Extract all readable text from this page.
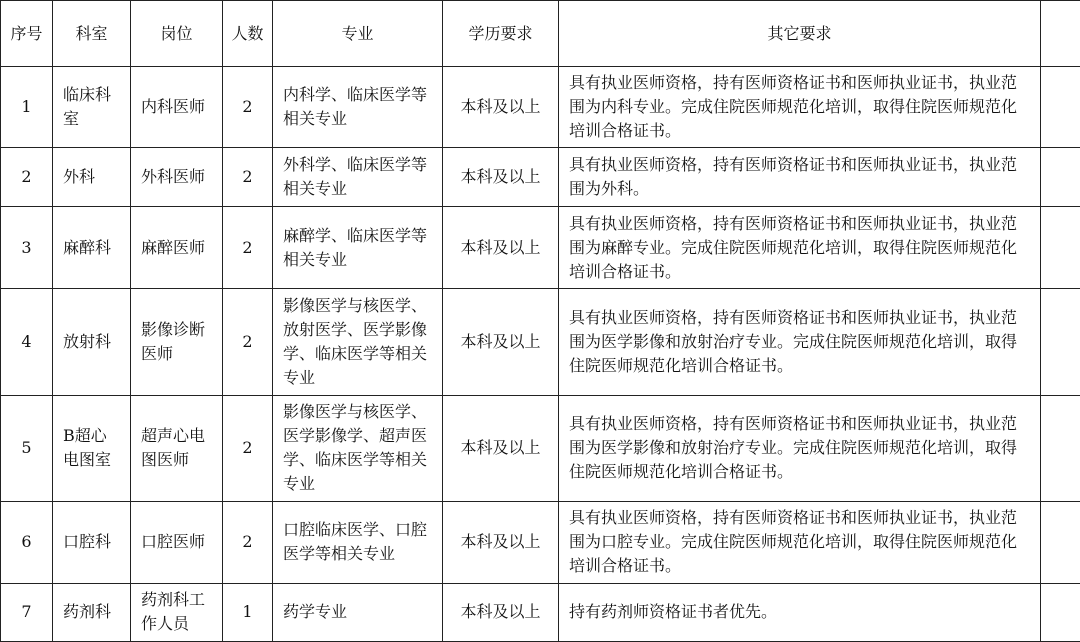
序号	科室	岗位	人数	专业	学历要求	其它要求	
1	临床科室	内科医师	2	内科学、临床医学等相关专业	本科及以上	具有执业医师资格，持有医师资格证书和医师执业证书，执业范围为内科专业。完成住院医师规范化培训，取得住院医师规范化培训合格证书。	
2	外科	外科医师	2	外科学、临床医学等相关专业	本科及以上	具有执业医师资格，持有医师资格证书和医师执业证书，执业范围为外科。	
3	麻醉科	麻醉医师	2	麻醉学、临床医学等相关专业	本科及以上	具有执业医师资格，持有医师资格证书和医师执业证书，执业范围为麻醉专业。完成住院医师规范化培训，取得住院医师规范化培训合格证书。	
4	放射科	影像诊断医师	2	影像医学与核医学、放射医学、医学影像学、临床医学等相关专业	本科及以上	具有执业医师资格，持有医师资格证书和医师执业证书，执业范围为医学影像和放射治疗专业。完成住院医师规范化培训，取得住院医师规范化培训合格证书。	
5	B超心电图室	超声心电图医师	2	影像医学与核医学、医学影像学、超声医学、临床医学等相关专业	本科及以上	具有执业医师资格，持有医师资格证书和医师执业证书，执业范围为医学影像和放射治疗专业。完成住院医师规范化培训，取得住院医师规范化培训合格证书。	
6	口腔科	口腔医师	2	口腔临床医学、口腔医学等相关专业	本科及以上	具有执业医师资格，持有医师资格证书和医师执业证书，执业范围为口腔专业。完成住院医师规范化培训，取得住院医师规范化培训合格证书。	
7	药剂科	药剂科工作人员	1	药学专业	本科及以上	持有药剂师资格证书者优先。	
